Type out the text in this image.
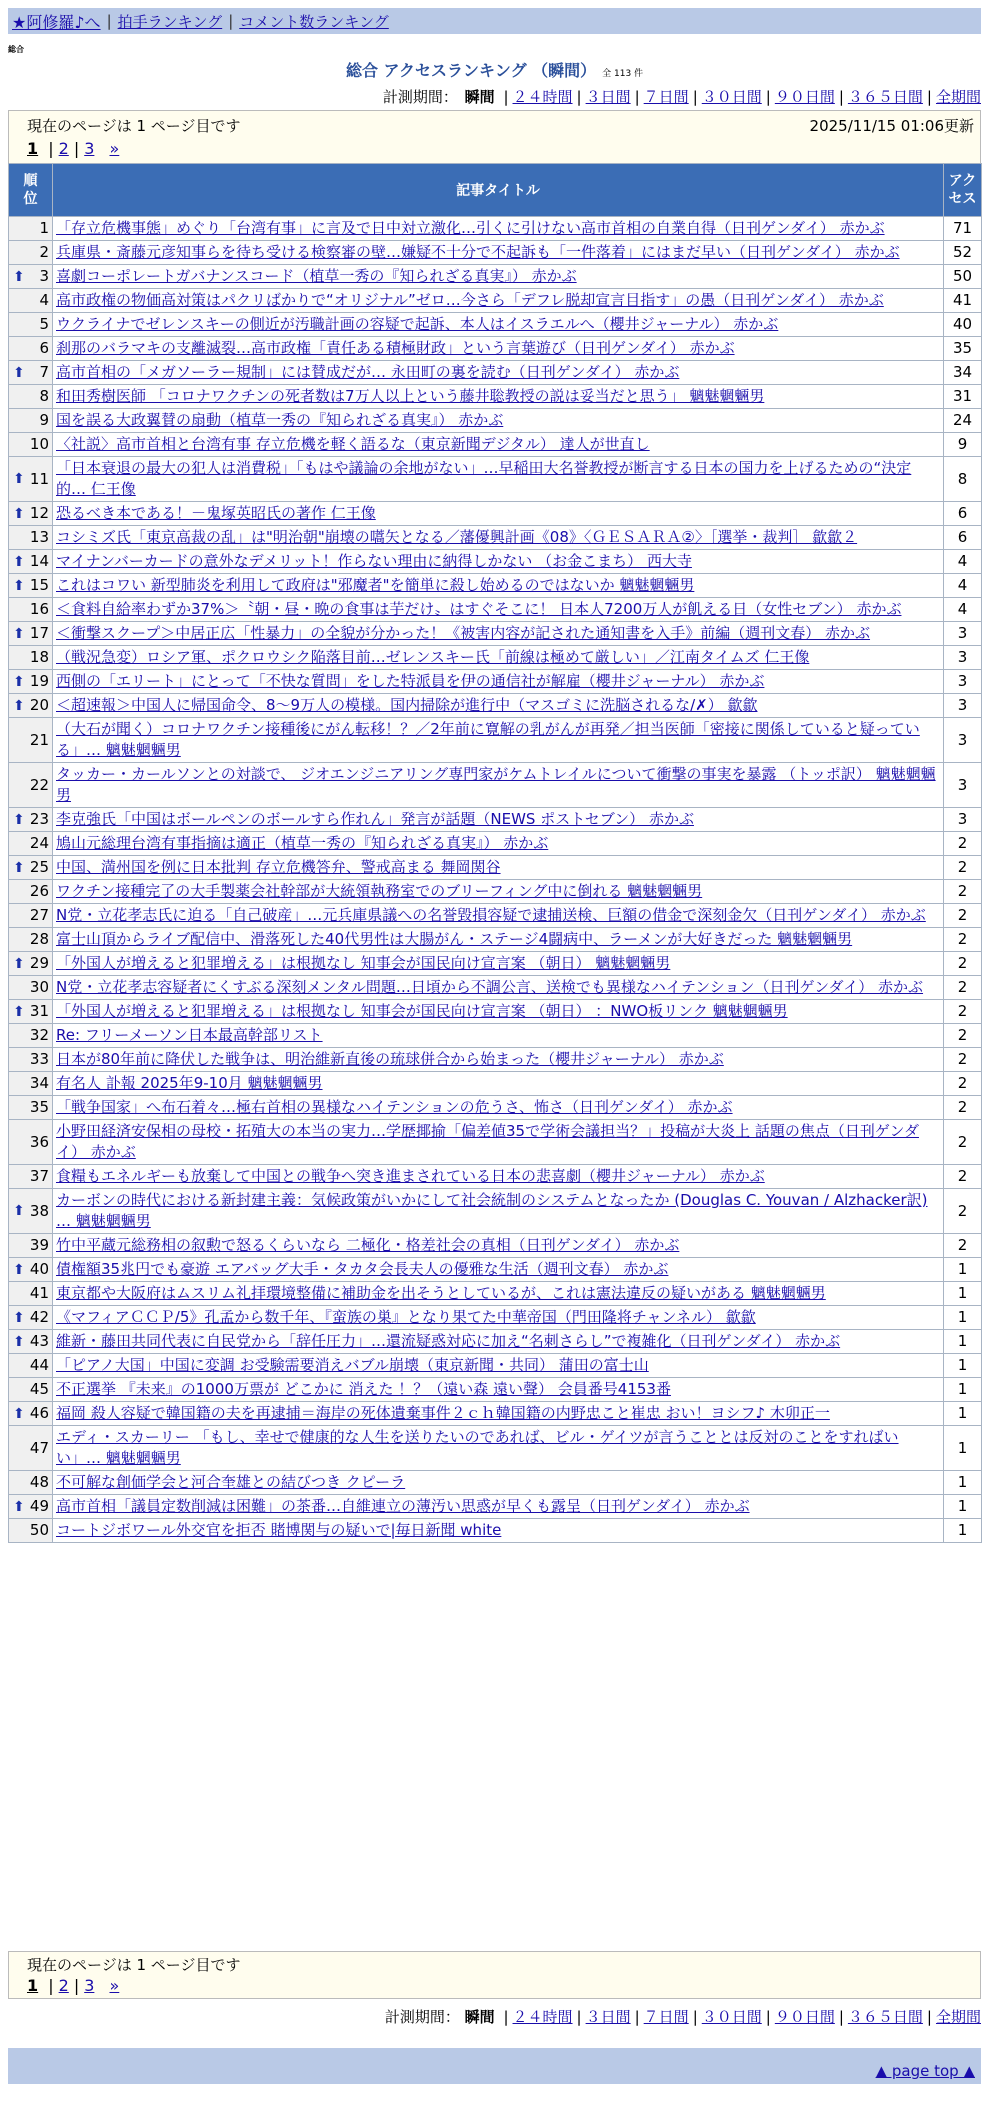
★阿修羅♪へ | 拍手ランキング | コメント数ランキング
総合
総合 アクセスランキング （瞬間） 全 113 件
計測期間： 瞬間 | ２４時間 | ３日間 | ７日間 | ３０日間 | ９０日間 | ３６５日間 | 全期間
現在のページは 1 ページ目です	2025/11/15 01:06更新
1 | 2 | 3 »
順位	記事タイトル	アクセス
1	「存立危機事態」めぐり「台湾有事」に言及で日中対立激化…引くに引けない高市首相の自業自得（日刊ゲンダイ） 赤かぶ	71
2	兵庫県・斎藤元彦知事らを待ち受ける検察審の壁…嫌疑不十分で不起訴も「一件落着」にはまだ早い（日刊ゲンダイ） 赤かぶ	52

⬆ 3	喜劇コーポレートガバナンスコード（植草一秀の『知られざる真実』） 赤かぶ	50
4	高市政権の物価高対策はパクリばかりで“オリジナル”ゼロ…今さら「デフレ脱却宣言目指す」の愚（日刊ゲンダイ） 赤かぶ	41
5	ウクライナでゼレンスキーの側近が汚職計画の容疑で起訴、本人はイスラエルへ（櫻井ジャーナル） 赤かぶ	40
6	刹那のバラマキの支離滅裂…高市政権「責任ある積極財政」という言葉遊び（日刊ゲンダイ） 赤かぶ	35

⬆ 7	高市首相の「メガソーラー規制」には賛成だが… 永田町の裏を読む（日刊ゲンダイ） 赤かぶ	34
8	和田秀樹医師 「コロナワクチンの死者数は7万人以上という藤井聡教授の説は妥当だと思う」 魑魅魍魎男	31
9	国を誤る大政翼賛の扇動（植草一秀の『知られざる真実』） 赤かぶ	24
10	〈社説〉高市首相と台湾有事 存立危機を軽く語るな（東京新聞デジタル） 達人が世直し	9

⬆ 11	「日本衰退の最大の犯人は消費税」「もはや議論の余地がない」…早稲田大名誉教授が断言する日本の国力を上げるための“決定的… 仁王像	8

⬆ 12	恐るべき本である！－鬼塚英昭氏の著作 仁王像	6
13	コシミズ氏「東京高裁の乱」は"明治朝"崩壊の嚆矢となる／藩優興計画《08》〈ＧＥＳＡＲＡ②〉［選挙・裁判］ 歙歙２	6

⬆ 14	マイナンバーカードの意外なデメリット！作らない理由に納得しかない （お金こまち） 西大寺	4

⬆ 15	これはコワい 新型肺炎を利用して政府は"邪魔者"を簡単に殺し始めるのではないか 魑魅魍魎男	4
16	＜食料自給率わずか37%＞〝朝・昼・晩の食事は芋だけ〟はすぐそこに！ 日本人7200万人が飢える日（女性セブン） 赤かぶ	4

⬆ 17	＜衝撃スクープ＞中居正広「性暴力」の全貌が分かった！《被害内容が記された通知書を入手》前編（週刊文春） 赤かぶ	3
18	（戦況急変）ロシア軍、ポクロウシク陥落目前…ゼレンスキー氏「前線は極めて厳しい」／江南タイムズ 仁王像	3

⬆ 19	西側の「エリート」にとって「不快な質問」をした特派員を伊の通信社が解雇（櫻井ジャーナル） 赤かぶ	3

⬆ 20	＜超速報＞中国人に帰国命令、8～9万人の模様。国内掃除が進行中（マスゴミに洗脳されるな/✗） 歙歙	3
21	（大石が聞く）コロナワクチン接種後にがん転移！？／2年前に寛解の乳がんが再発／担当医師「密接に関係していると疑っている」… 魑魅魍魎男	3
22	タッカー・カールソンとの対談で、 ジオエンジニアリング専門家がケムトレイルについて衝撃の事実を暴露 （トッポ訳） 魑魅魍魎男	3

⬆ 23	李克強氏「中国はボールペンのボールすら作れん」発言が話題（NEWS ポストセブン） 赤かぶ	3
24	鳩山元総理台湾有事指摘は適正（植草一秀の『知られざる真実』） 赤かぶ	2

⬆ 25	中国、満州国を例に日本批判 存立危機答弁、警戒高まる 舞岡関谷	2
26	ワクチン接種完了の大手製薬会社幹部が大統領執務室でのブリーフィング中に倒れる 魑魅魍魎男	2
27	N党・立花孝志氏に迫る「自己破産」…元兵庫県議への名誉毀損容疑で逮捕送検、巨額の借金で深刻金欠（日刊ゲンダイ） 赤かぶ	2
28	富士山頂からライブ配信中、滑落死した40代男性は大腸がん・ステージ4闘病中、ラーメンが大好きだった 魑魅魍魎男	2

⬆ 29	「外国人が増えると犯罪増える」は根拠なし 知事会が国民向け宣言案 （朝日） 魑魅魍魎男	2
30	N党・立花孝志容疑者にくすぶる深刻メンタル問題…日頃から不調公言、送検でも異様なハイテンション（日刊ゲンダイ） 赤かぶ	2

⬆ 31	「外国人が増えると犯罪増える」は根拠なし 知事会が国民向け宣言案 （朝日） ：NWO板リンク 魑魅魍魎男	2
32	Re: フリーメーソン日本最高幹部リスト	2
33	日本が80年前に降伏した戦争は、明治維新直後の琉球併合から始まった（櫻井ジャーナル） 赤かぶ	2
34	有名人 訃報 2025年9-10月 魑魅魍魎男	2
35	「戦争国家」へ布石着々…極右首相の異様なハイテンションの危うさ、怖さ（日刊ゲンダイ） 赤かぶ	2
36	小野田経済安保相の母校・拓殖大の本当の実力…学歴揶揄「偏差値35で学術会議担当？」投稿が大炎上 話題の焦点（日刊ゲンダイ） 赤かぶ	2
37	食糧もエネルギーも放棄して中国との戦争へ突き進まされている日本の悲喜劇（櫻井ジャーナル） 赤かぶ	2

⬆ 38	カーボンの時代における新封建主義：気候政策がいかにして社会統制のシステムとなったか (Douglas C. Youvan / Alzhacker訳) … 魑魅魍魎男	2
39	竹中平蔵元総務相の叙勲で怒るくらいなら 二極化・格差社会の真相（日刊ゲンダイ） 赤かぶ	2

⬆ 40	債権額35兆円でも豪遊 エアバッグ大手・タカタ会長夫人の優雅な生活（週刊文春） 赤かぶ	1
41	東京都や大阪府はムスリム礼拝環境整備に補助金を出そうとしているが、これは憲法違反の疑いがある 魑魅魍魎男	1

⬆ 42	《マフィアＣＣＰ/5》孔孟から数千年、『蛮族の巣』となり果てた中華帝国（門田隆将チャンネル） 歙歙	1

⬆ 43	維新・藤田共同代表に自民党から「辞任圧力」…還流疑惑対応に加え“名刺さらし”で複雑化（日刊ゲンダイ） 赤かぶ	1
44	「ピアノ大国」中国に変調 お受験需要消えバブル崩壊（東京新聞・共同） 蒲田の富士山	1
45	不正選挙 『未来』の1000万票が どこかに 消えた ！？（遠い森 遠い聲） 会員番号4153番	1

⬆ 46	福岡 殺人容疑で韓国籍の夫を再逮捕＝海岸の死体遺棄事件２ｃｈ韓国籍の内野忠こと崔忠 おい！ヨシフ♪ 木卯正一	1
47	エディ・スカーリー 「もし、幸せで健康的な人生を送りたいのであれば、ビル・ゲイツが言うこととは反対のことをすればいい」… 魑魅魍魎男	1
48	不可解な創価学会と河合奎雄との結びつき クピーラ	1

⬆ 49	高市首相「議員定数削減は困難」の茶番…自維連立の薄汚い思惑が早くも露呈（日刊ゲンダイ） 赤かぶ	1
50	コートジボワール外交官を拒否 賭博関与の疑いで|毎日新聞 white	1
現在のページは 1 ページ目です
1 | 2 | 3 »
計測期間： 瞬間 | ２４時間 | ３日間 | ７日間 | ３０日間 | ９０日間 | ３６５日間 | 全期間
▲ page top ▲
